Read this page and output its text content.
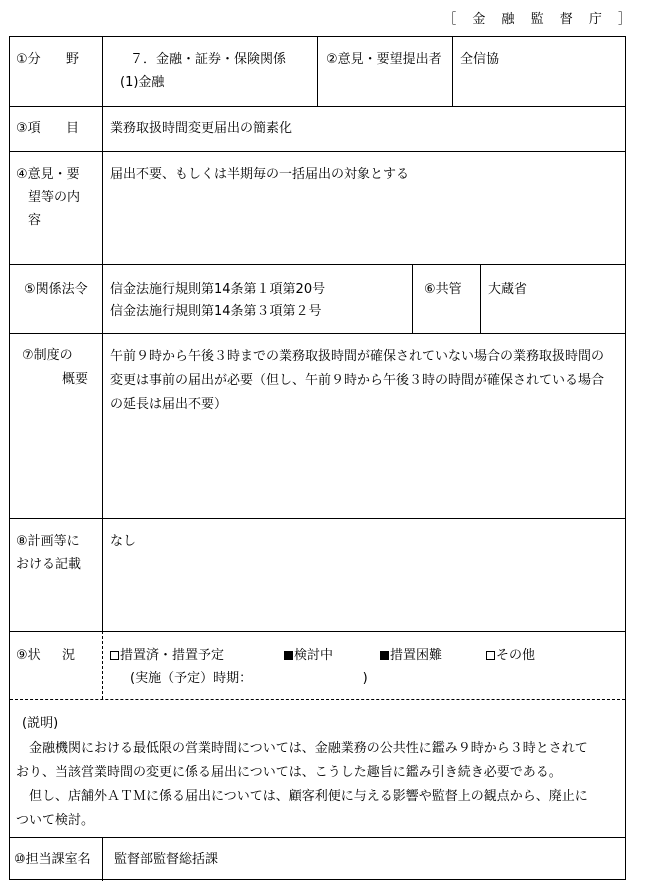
［ 金 融 監 督 庁 ］
①分 野	７．金融・証券・保険関係
(1)金融
②意見・要望提出者 全信協
③項 目 業務取扱時間変更届出の簡素化
④意見・要
望等の内
容
届出不要、もしくは半期毎の一括届出の対象とする
⑤関係法令 信金法施行規則第14条第１項第20号
信金法施行規則第14条第３項第２号
⑥共管 大蔵省
⑦制度の
概要
午前９時から午後３時までの業務取扱時間が確保されていない場合の業務取扱時間の
変更は事前の届出が必要（但し、午前９時から午後３時の時間が確保されている場合
の延長は届出不要）
⑧計画等に
おける記載
なし
⑨状 況	措置済・措置予定	検討中	措置困難	その他
(実施（予定）時期：　　　　　　　　　)
(説明)
　金融機関における最低限の営業時間については、金融業務の公共性に鑑み９時から３時とされて
おり、当該営業時間の変更に係る届出については、こうした趣旨に鑑み引き続き必要である。
　但し、店舗外ＡＴＭに係る届出については、顧客利便に与える影響や監督上の観点から、廃止に
ついて検討。
⑩担当課室名 監督部監督総括課
